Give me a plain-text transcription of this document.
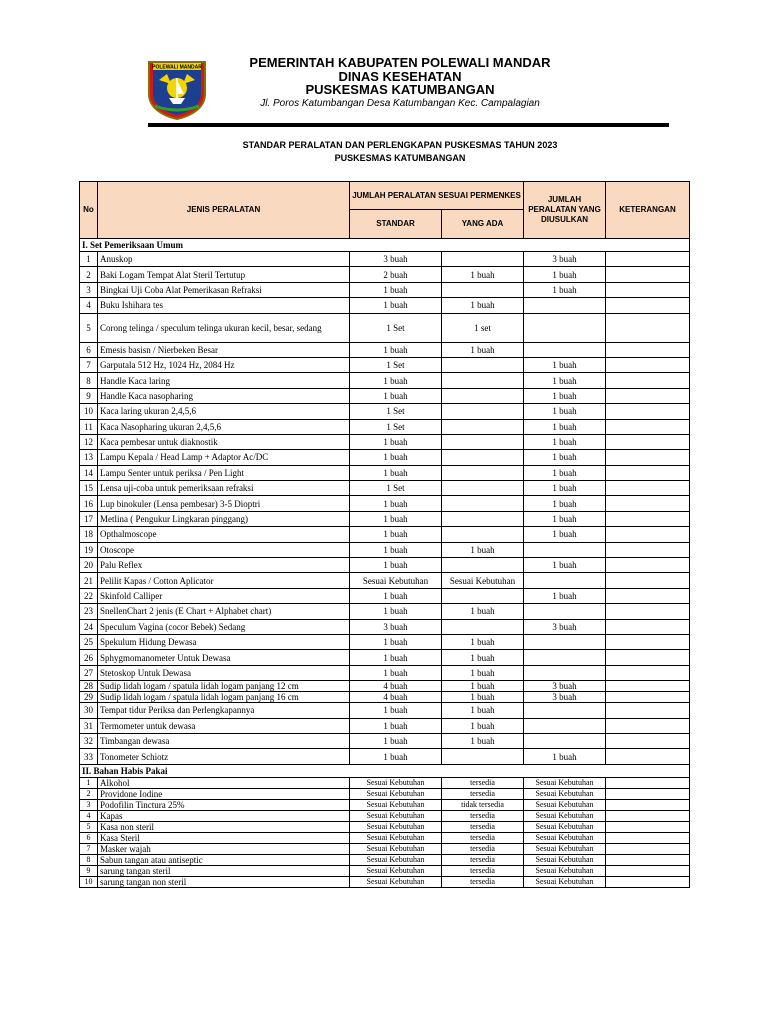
POLEWALI MANDAR	PEMERINTAH KABUPATEN POLEWALI MANDAR
DINAS KESEHATAN
PUSKESMAS KATUMBANGAN
Jl. Poros Katumbangan Desa Katumbangan Kec. Campalagian
STANDAR PERALATAN DAN PERLENGKAPAN PUSKESMAS TAHUN 2023
PUSKESMAS KATUMBANGAN
No	JENIS PERALATAN	JUMLAH PERALATAN SESUAI PERMENKES		JUMLAH PERALATAN YANG DIUSULKAN	KETERANGAN
		STANDAR	YANG ADA		
I. Set Pemeriksaan Umum					
1	Anuskop	3 buah		3 buah	
2	Baki Logam Tempat Alat Steril Tertutup	2 buah	1 buah	1 buah	
3	Bingkai Uji Coba Alat Pemerikasan Refraksi	1 buah		1 buah	
4	Buku Ishihara tes	1 buah	1 buah		
5	Corong telinga / speculum telinga ukuran kecil, besar, sedang	1 Set	1 set		
6	Emesis basisn / Nierbeken Besar	1 buah	1 buah		
7	Garputala 512 Hz, 1024 Hz, 2084 Hz	1 Set		1 buah	
8	Handle Kaca laring	1 buah		1 buah	
9	Handle Kaca nasopharing	1 buah		1 buah	
10	Kaca laring ukuran 2,4,5,6	1 Set		1 buah	
11	Kaca Nasopharing ukuran 2,4,5,6	1 Set		1 buah	
12	Kaca pembesar untuk diaknostik	1 buah		1 buah	
13	Lampu Kepala / Head Lamp + Adaptor Ac/DC	1 buah		1 buah	
14	Lampu Senter untuk periksa / Pen Light	1 buah		1 buah	
15	Lensa uji-coba untuk pemeriksaan refraksi	1 Set		1 buah	
16	Lup binokuler (Lensa pembesar) 3-5 Dioptri	1 buah		1 buah	
17	Metlina ( Pengukur Lingkaran pinggang)	1 buah		1 buah	
18	Opthalmoscope	1 buah		1 buah	
19	Otoscope	1 buah	1 buah		
20	Palu Reflex	1 buah		1 buah	
21	Pelilit Kapas / Cotton Aplicator	Sesuai Kebutuhan	Sesuai Kebutuhan		
22	Skinfold Calliper	1 buah		1 buah	
23	SnellenChart 2 jenis (E Chart + Alphabet chart)	1 buah	1 buah		
24	Speculum Vagina (cocor Bebek) Sedang	3 buah		3 buah	
25	Spekulum Hidung Dewasa	1 buah	1 buah		
26	Sphygmomanometer Untuk Dewasa	1 buah	1 buah		
27	Stetoskop Untuk Dewasa	1 buah	1 buah		
28	Sudip lidah logam / spatula lidah logam panjang 12 cm	4 buah	1 buah	3 buah	
29	Sudip lidah logam / spatula lidah logam panjang 16 cm	4 buah	1 buah	3 buah	
30	Tempat tidur Periksa dan Perlengkapannya	1 buah	1 buah		
31	Termometer untuk dewasa	1 buah	1 buah		
32	Timbangan dewasa	1 buah	1 buah		
33	Tonometer Schiotz	1 buah		1 buah	
II. Bahan Habis Pakai					
1	Alkohol	Sesuai Kebutuhan	tersedia	Sesuai Kebutuhan	
2	Providone Iodine	Sesuai Kebutuhan	tersedia	Sesuai Kebutuhan	
3	Podofilin Tinctura 25%	Sesuai Kebutuhan	tidak tersedia	Sesuai Kebutuhan	
4	Kapas	Sesuai Kebutuhan	tersedia	Sesuai Kebutuhan	
5	Kasa non steril	Sesuai Kebutuhan	tersedia	Sesuai Kebutuhan	
6	Kasa Steril	Sesuai Kebutuhan	tersedia	Sesuai Kebutuhan	
7	Masker wajah	Sesuai Kebutuhan	tersedia	Sesuai Kebutuhan	
8	Sabun tangan atau antiseptic	Sesuai Kebutuhan	tersedia	Sesuai Kebutuhan	
9	sarung tangan steril	Sesuai Kebutuhan	tersedia	Sesuai Kebutuhan	
10	sarung tangan non steril	Sesuai Kebutuhan	tersedia	Sesuai Kebutuhan	
